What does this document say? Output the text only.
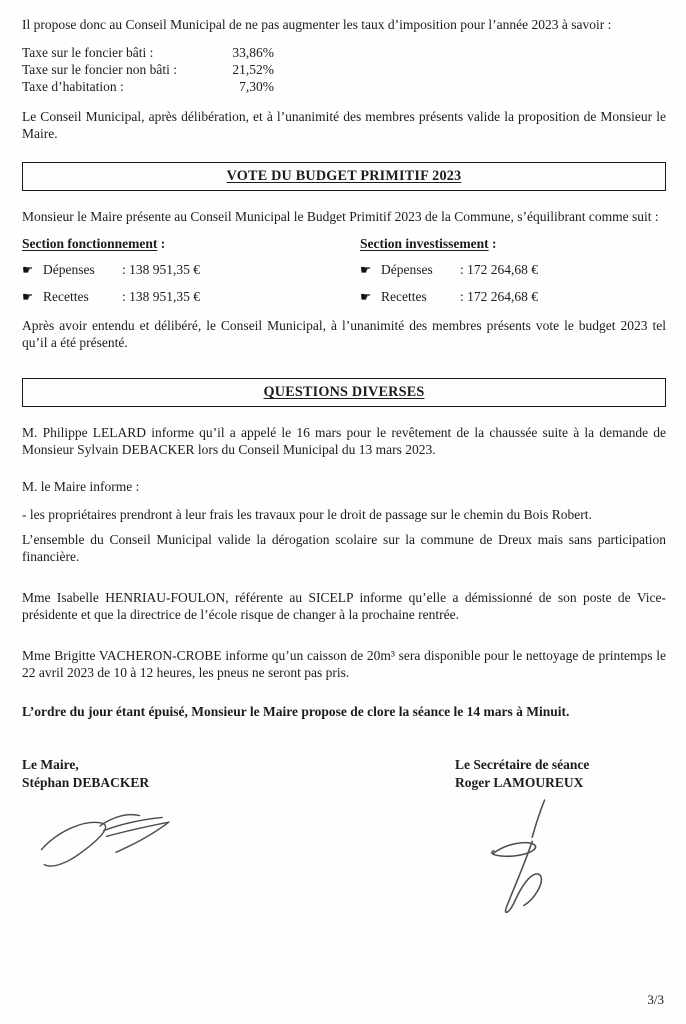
Il propose donc au Conseil Municipal de ne pas augmenter les taux d’imposition pour l’année 2023 à savoir :

Taxe sur le foncier bâti :	33,86%
Taxe sur le foncier non bâti :	21,52%
Taxe d’habitation :	7,30%

Le Conseil Municipal, après délibération, et à l’unanimité des membres présents valide la proposition de Monsieur le Maire.

VOTE DU BUDGET PRIMITIF 2023

Monsieur le Maire présente au Conseil Municipal le Budget Primitif 2023 de la Commune, s’équilibrant comme suit :

Section fonctionnement :
☛ Dépenses	: 138 951,35 €
☛ Recettes	: 138 951,35 €
Section investissement :
☛ Dépenses	: 172 264,68 €
☛ Recettes	: 172 264,68 €

Après avoir entendu et délibéré, le Conseil Municipal, à l’unanimité des membres présents vote le budget 2023 tel qu’il a été présenté.

QUESTIONS DIVERSES

M. Philippe LELARD informe qu’il a appelé le 16 mars pour le revêtement de la chaussée suite à la demande de Monsieur Sylvain DEBACKER lors du Conseil Municipal du 13 mars 2023.

M. le Maire informe :

- les propriétaires prendront à leur frais les travaux pour le droit de passage sur le chemin du Bois Robert.

L’ensemble du Conseil Municipal valide la dérogation scolaire sur la commune de Dreux mais sans participation financière.

Mme Isabelle HENRIAU-FOULON, référente au SICELP informe qu’elle a démissionné de son poste de Vice-présidente et que la directrice de l’école risque de changer à la prochaine rentrée.

Mme Brigitte VACHERON-CROBE informe qu’un caisson de 20m³ sera disponible pour le nettoyage de printemps le 22 avril 2023 de 10 à 12 heures, les pneus ne seront pas pris.

L’ordre du jour étant épuisé, Monsieur le Maire propose de clore la séance le 14 mars à Minuit.

Le Maire,
Stéphan DEBACKER
Le Secrétaire de séance
Roger LAMOUREUX
3/3
